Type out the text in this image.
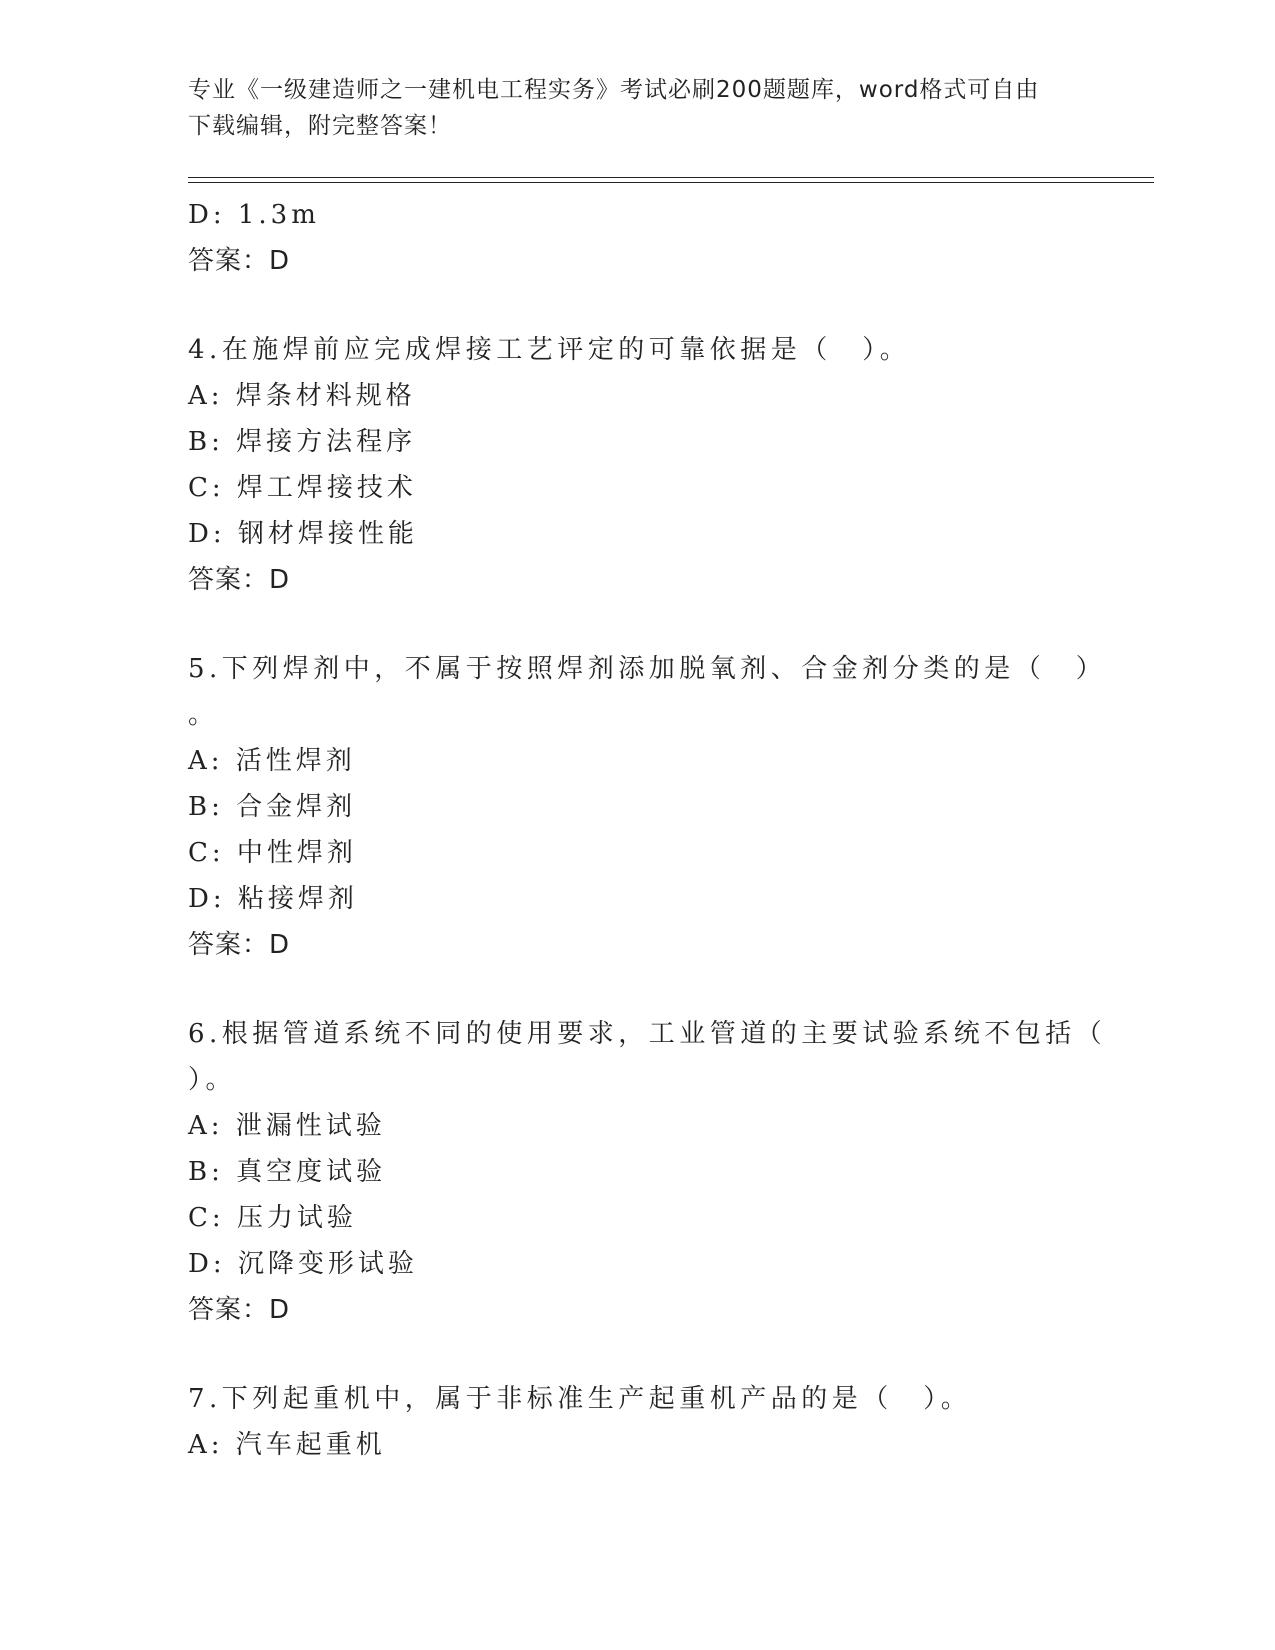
专业《一级建造师之一建机电工程实务》考试必刷200题题库，word格式可自由
下载编辑，附完整答案！
D: 1.3m
答案：D
4.在施焊前应完成焊接工艺评定的可靠依据是（　）。
A: 焊条材料规格
B: 焊接方法程序
C: 焊工焊接技术
D: 钢材焊接性能
答案：D
5.下列焊剂中，不属于按照焊剂添加脱氧剂、合金剂分类的是（　）
。
A: 活性焊剂
B: 合金焊剂
C: 中性焊剂
D: 粘接焊剂
答案：D
6.根据管道系统不同的使用要求，工业管道的主要试验系统不包括（
）。
A: 泄漏性试验
B: 真空度试验
C: 压力试验
D: 沉降变形试验
答案：D
7.下列起重机中，属于非标准生产起重机产品的是（　）。
A: 汽车起重机
